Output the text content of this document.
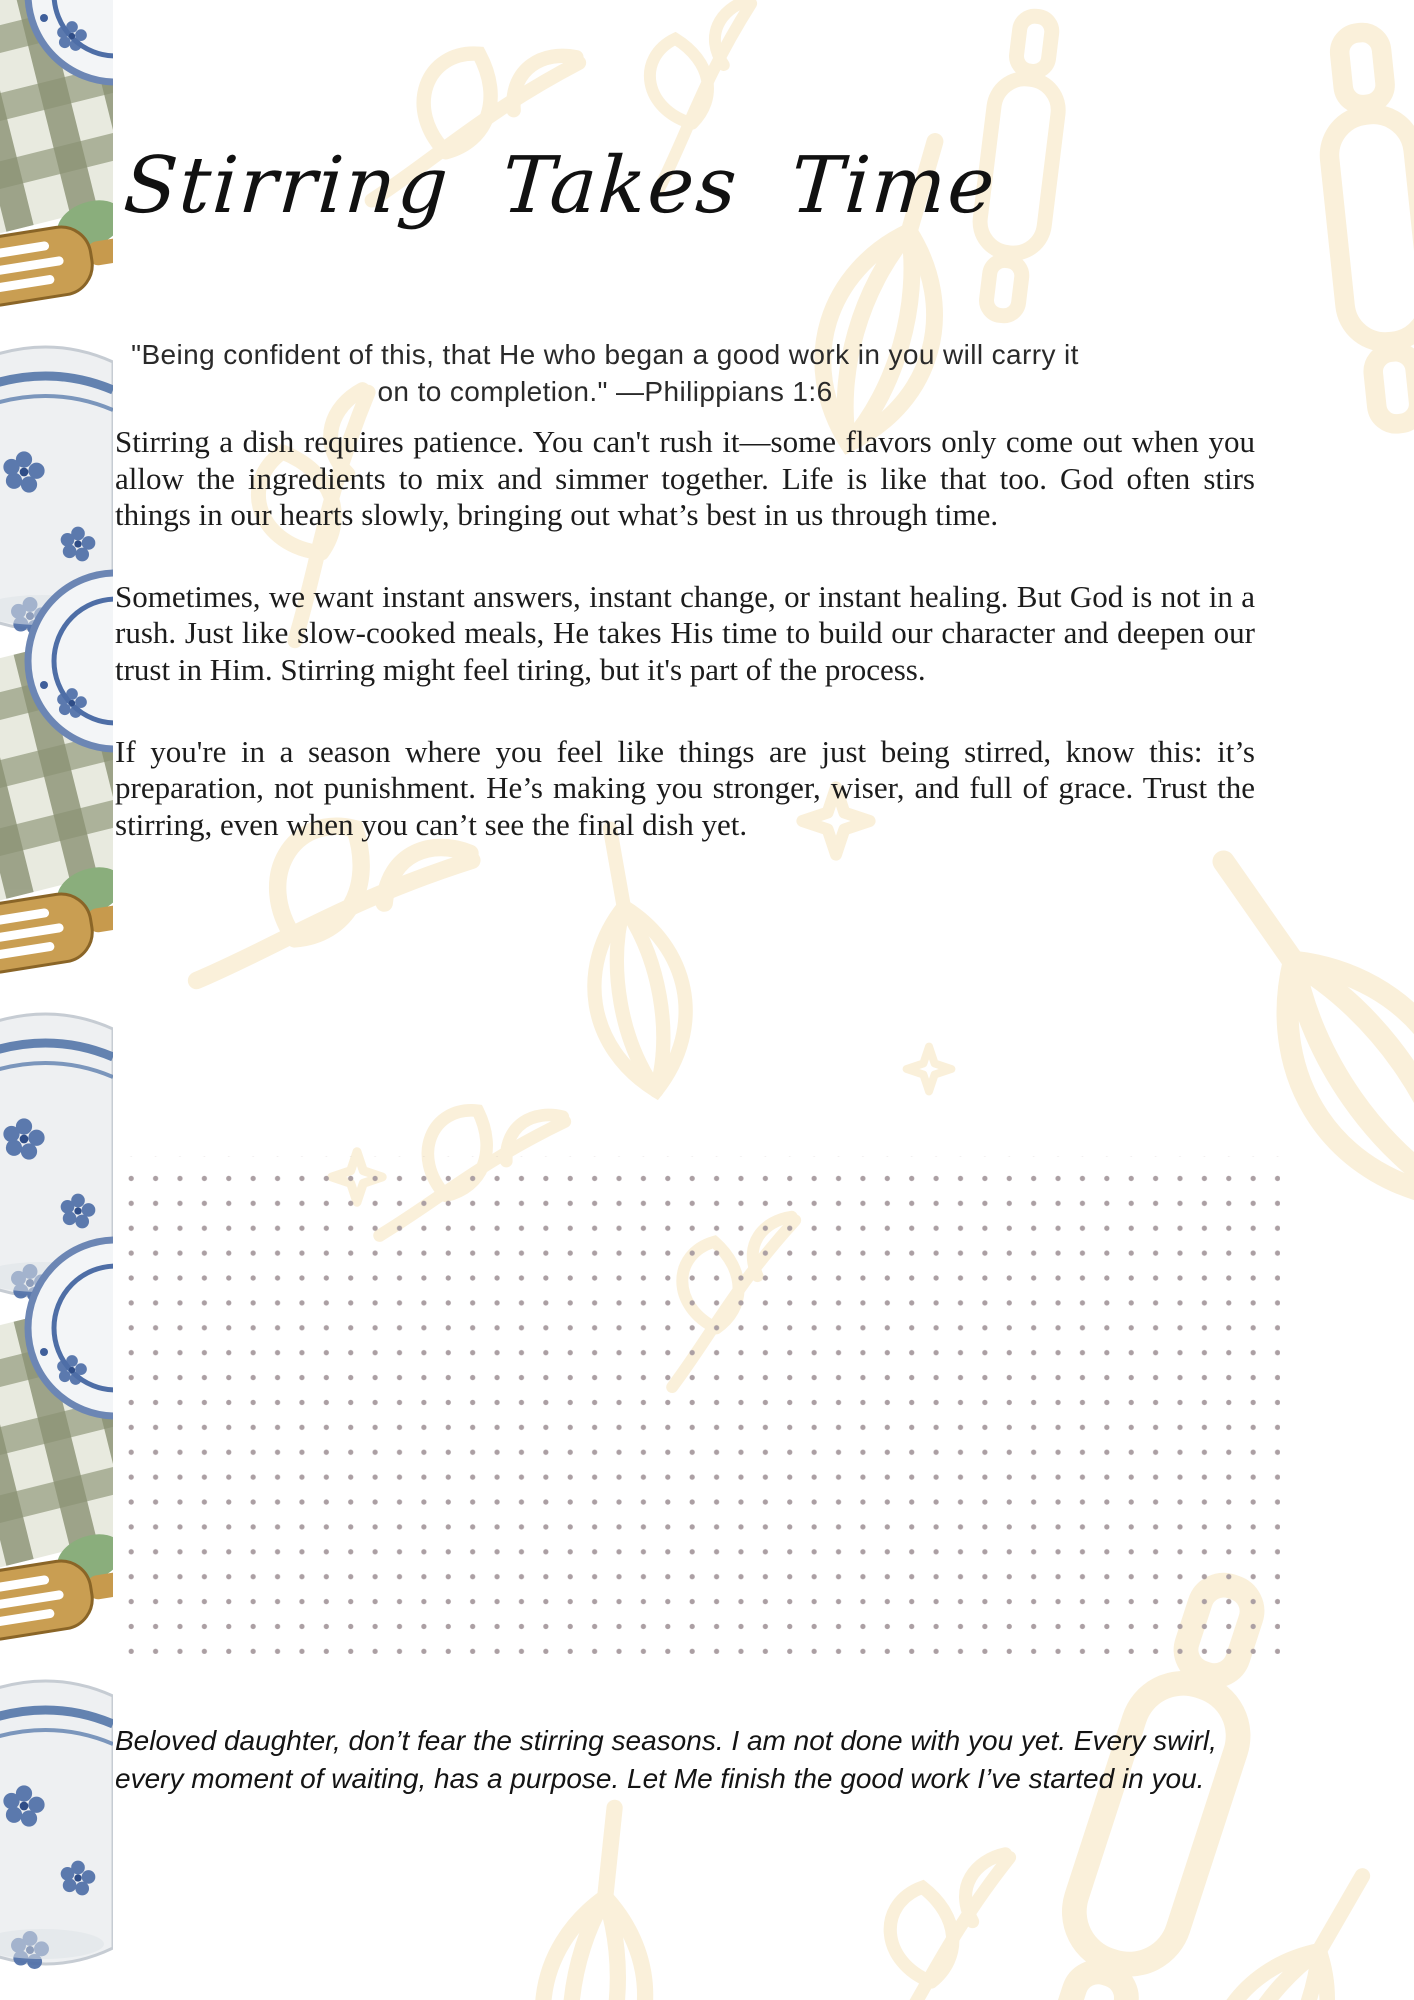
Stirring Takes Time

"Being confident of this, that He who began a good work in you will carry it on to completion." —Philippians 1:6

Stirring a dish requires patience. You can't rush it—some flavors only come out when you allow the ingredients to mix and simmer together. Life is like that too. God often stirs things in our hearts slowly, bringing out what’s best in us through time.

Sometimes, we want instant answers, instant change, or instant healing. But God is not in a rush. Just like slow-cooked meals, He takes His time to build our character and deepen our trust in Him. Stirring might feel tiring, but it's part of the process.

If you're in a season where you feel like things are just being stirred, know this: it’s preparation, not punishment. He’s making you stronger, wiser, and full of grace. Trust the stirring, even when you can’t see the final dish yet.

Beloved daughter, don’t fear the stirring seasons. I am not done with you yet. Every swirl, every moment of waiting, has a purpose. Let Me finish the good work I’ve started in you.
